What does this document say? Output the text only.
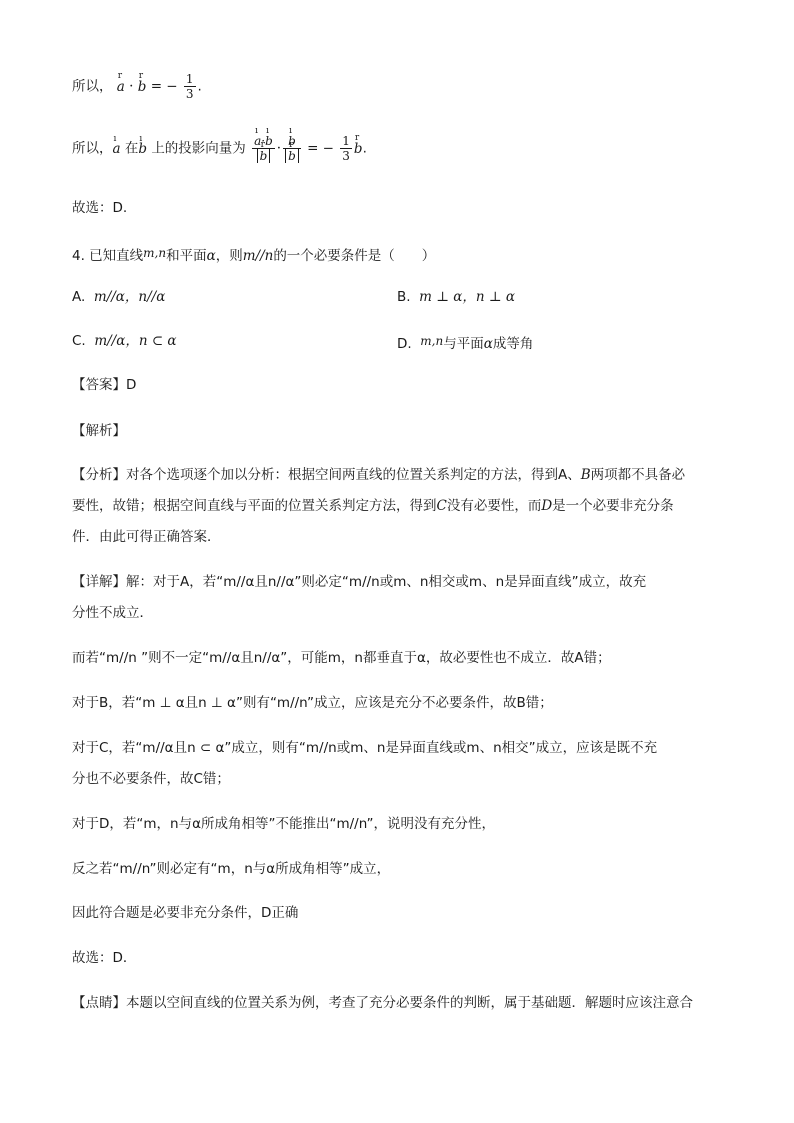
所以， r a · r b = − $\frac{1}{3}$ .
所以，ı a 在ı b 上的投影向量为 ı a·ı b
r b · ı b
r b = − $\frac{1}{3}$ r b.
故选：D.
4. 已知直线m,n和平面α，则m//n的一个必要条件是（　　）
A. m//α，n//α	B. m ⊥ α，n ⊥ α
C. m//α，n ⊂ α	D. m,n与平面α成等角
【答案】D
【解析】
【分析】对各个选项逐个加以分析：根据空间两直线的位置关系判定的方法，得到A、B两项都不具备必
要性，故错；根据空间直线与平面的位置关系判定方法，得到C没有必要性，而D是一个必要非充分条
件．由此可得正确答案．
【详解】解：对于A，若“m//α且n//α”则必定“m//n或m、n相交或m、n是异面直线”成立，故充
分性不成立．
而若“m//n ”则不一定“m//α且n//α”，可能m，n都垂直于α，故必要性也不成立．故A错；
对于B，若“m ⊥ α且n ⊥ α”则有“m//n”成立，应该是充分不必要条件，故B错；
对于C，若“m//α且n ⊂ α”成立，则有“m//n或m、n是异面直线或m、n相交”成立，应该是既不充
分也不必要条件，故C错；
对于D，若“m，n与α所成角相等”不能推出“m//n”，说明没有充分性，
反之若“m//n”则必定有“m，n与α所成角相等”成立，
因此符合题是必要非充分条件，D正确
故选：D．
【点睛】本题以空间直线的位置关系为例，考查了充分必要条件的判断，属于基础题．解题时应该注意合
